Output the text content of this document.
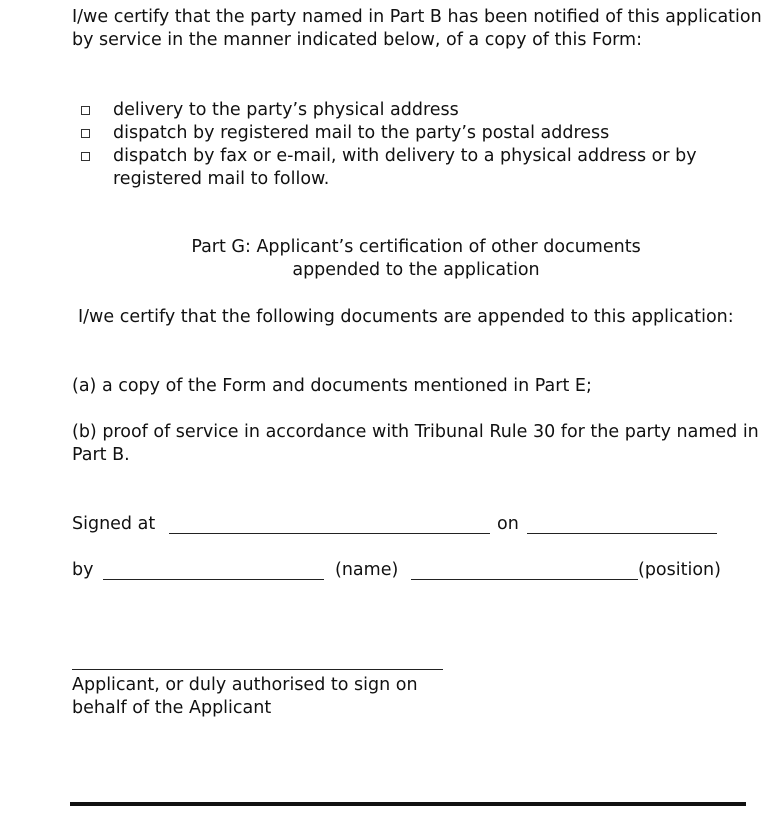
I/we certify that the party named in Part B has been notified of this application by service in the manner indicated below, of a copy of this Form:

delivery to the party’s physical address
dispatch by registered mail to the party’s postal address
dispatch by fax or e-mail, with delivery to a physical address or by registered mail to follow.
Part G: Applicant’s certification of other documents
appended to the application

I/we certify that the following documents are appended to this application:

(a) a copy of the Form and documents mentioned in Part E;

(b) proof of service in accordance with Tribunal Rule 30 for the party named in Part B.

Signed at	on
by	(name)	(position)

Applicant, or duly authorised to sign on behalf of the Applicant
